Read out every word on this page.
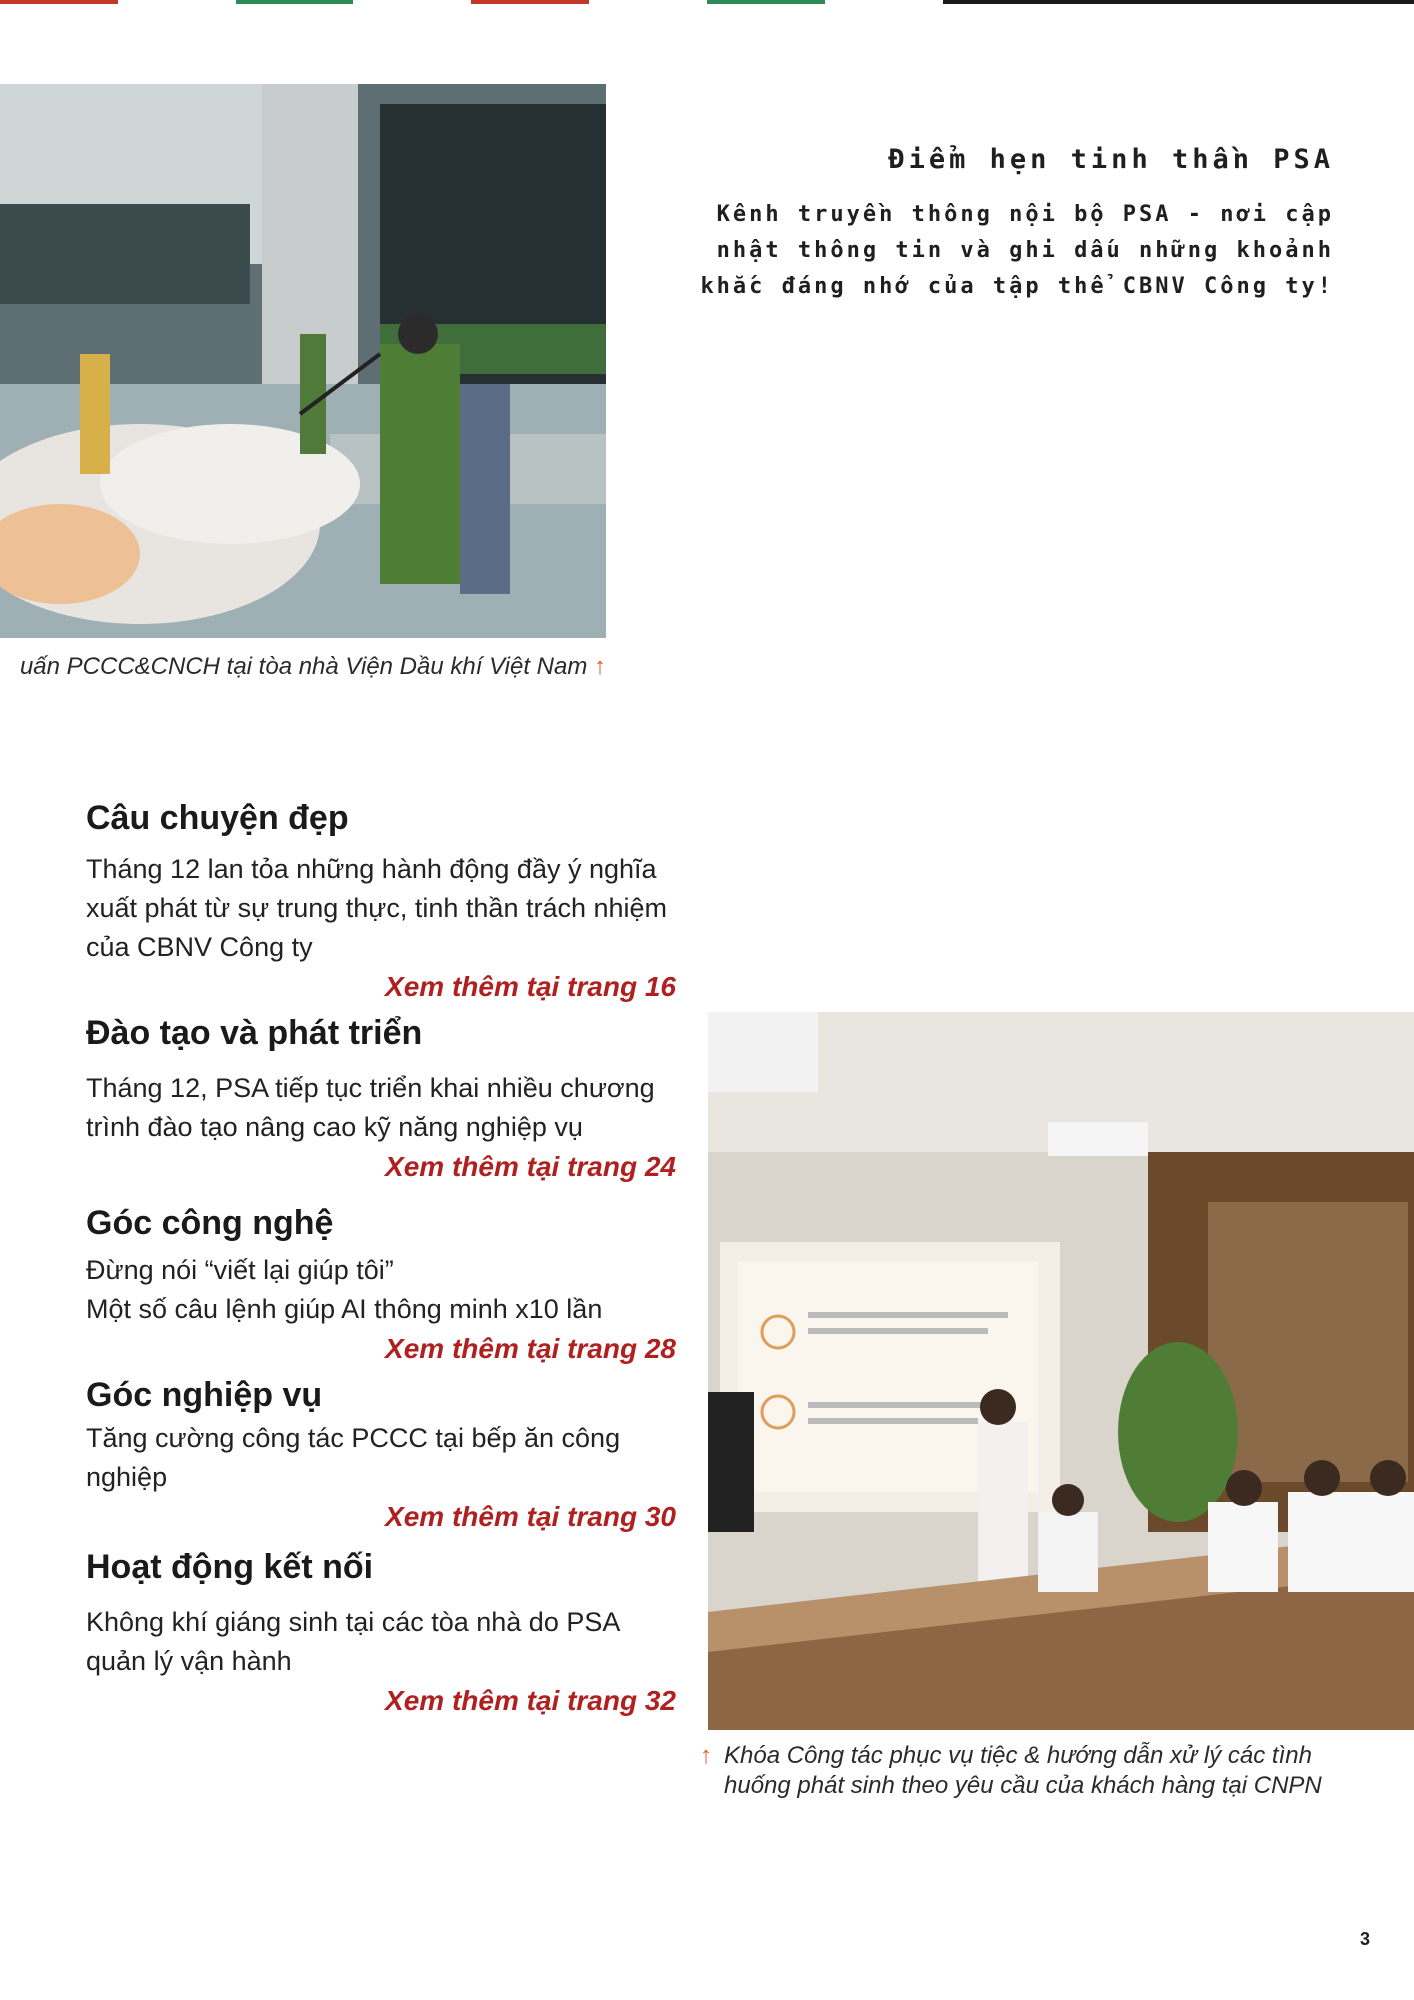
uấn PCCC&CNCH tại tòa nhà Viện Dầu khí Việt Nam ↑
Điểm hẹn tinh thần PSA

Kênh truyền thông nội bộ PSA - nơi cập

nhật thông tin và ghi dấu những khoảnh

khắc đáng nhớ của tập thể CBNV Công ty!

Câu chuyện đẹp
Tháng 12 lan tỏa những hành động đầy ý nghĩa xuất phát từ sự trung thực, tinh thần trách nhiệm của CBNV Công ty
Xem thêm tại trang 16
Đào tạo và phát triển
Tháng 12, PSA tiếp tục triển khai nhiều chương trình đào tạo nâng cao kỹ năng nghiệp vụ
Xem thêm tại trang 24
Góc công nghệ
Đừng nói “viết lại giúp tôi”
Một số câu lệnh giúp AI thông minh x10 lần
Xem thêm tại trang 28
Góc nghiệp vụ
Tăng cường công tác PCCC tại bếp ăn công nghiệp
Xem thêm tại trang 30
Hoạt động kết nối
Không khí giáng sinh tại các tòa nhà do PSA quản lý vận hành
Xem thêm tại trang 32
↑ Khóa Công tác phục vụ tiệc & hướng dẫn xử lý các tình huống phát sinh theo yêu cầu của khách hàng tại CNPN
3
